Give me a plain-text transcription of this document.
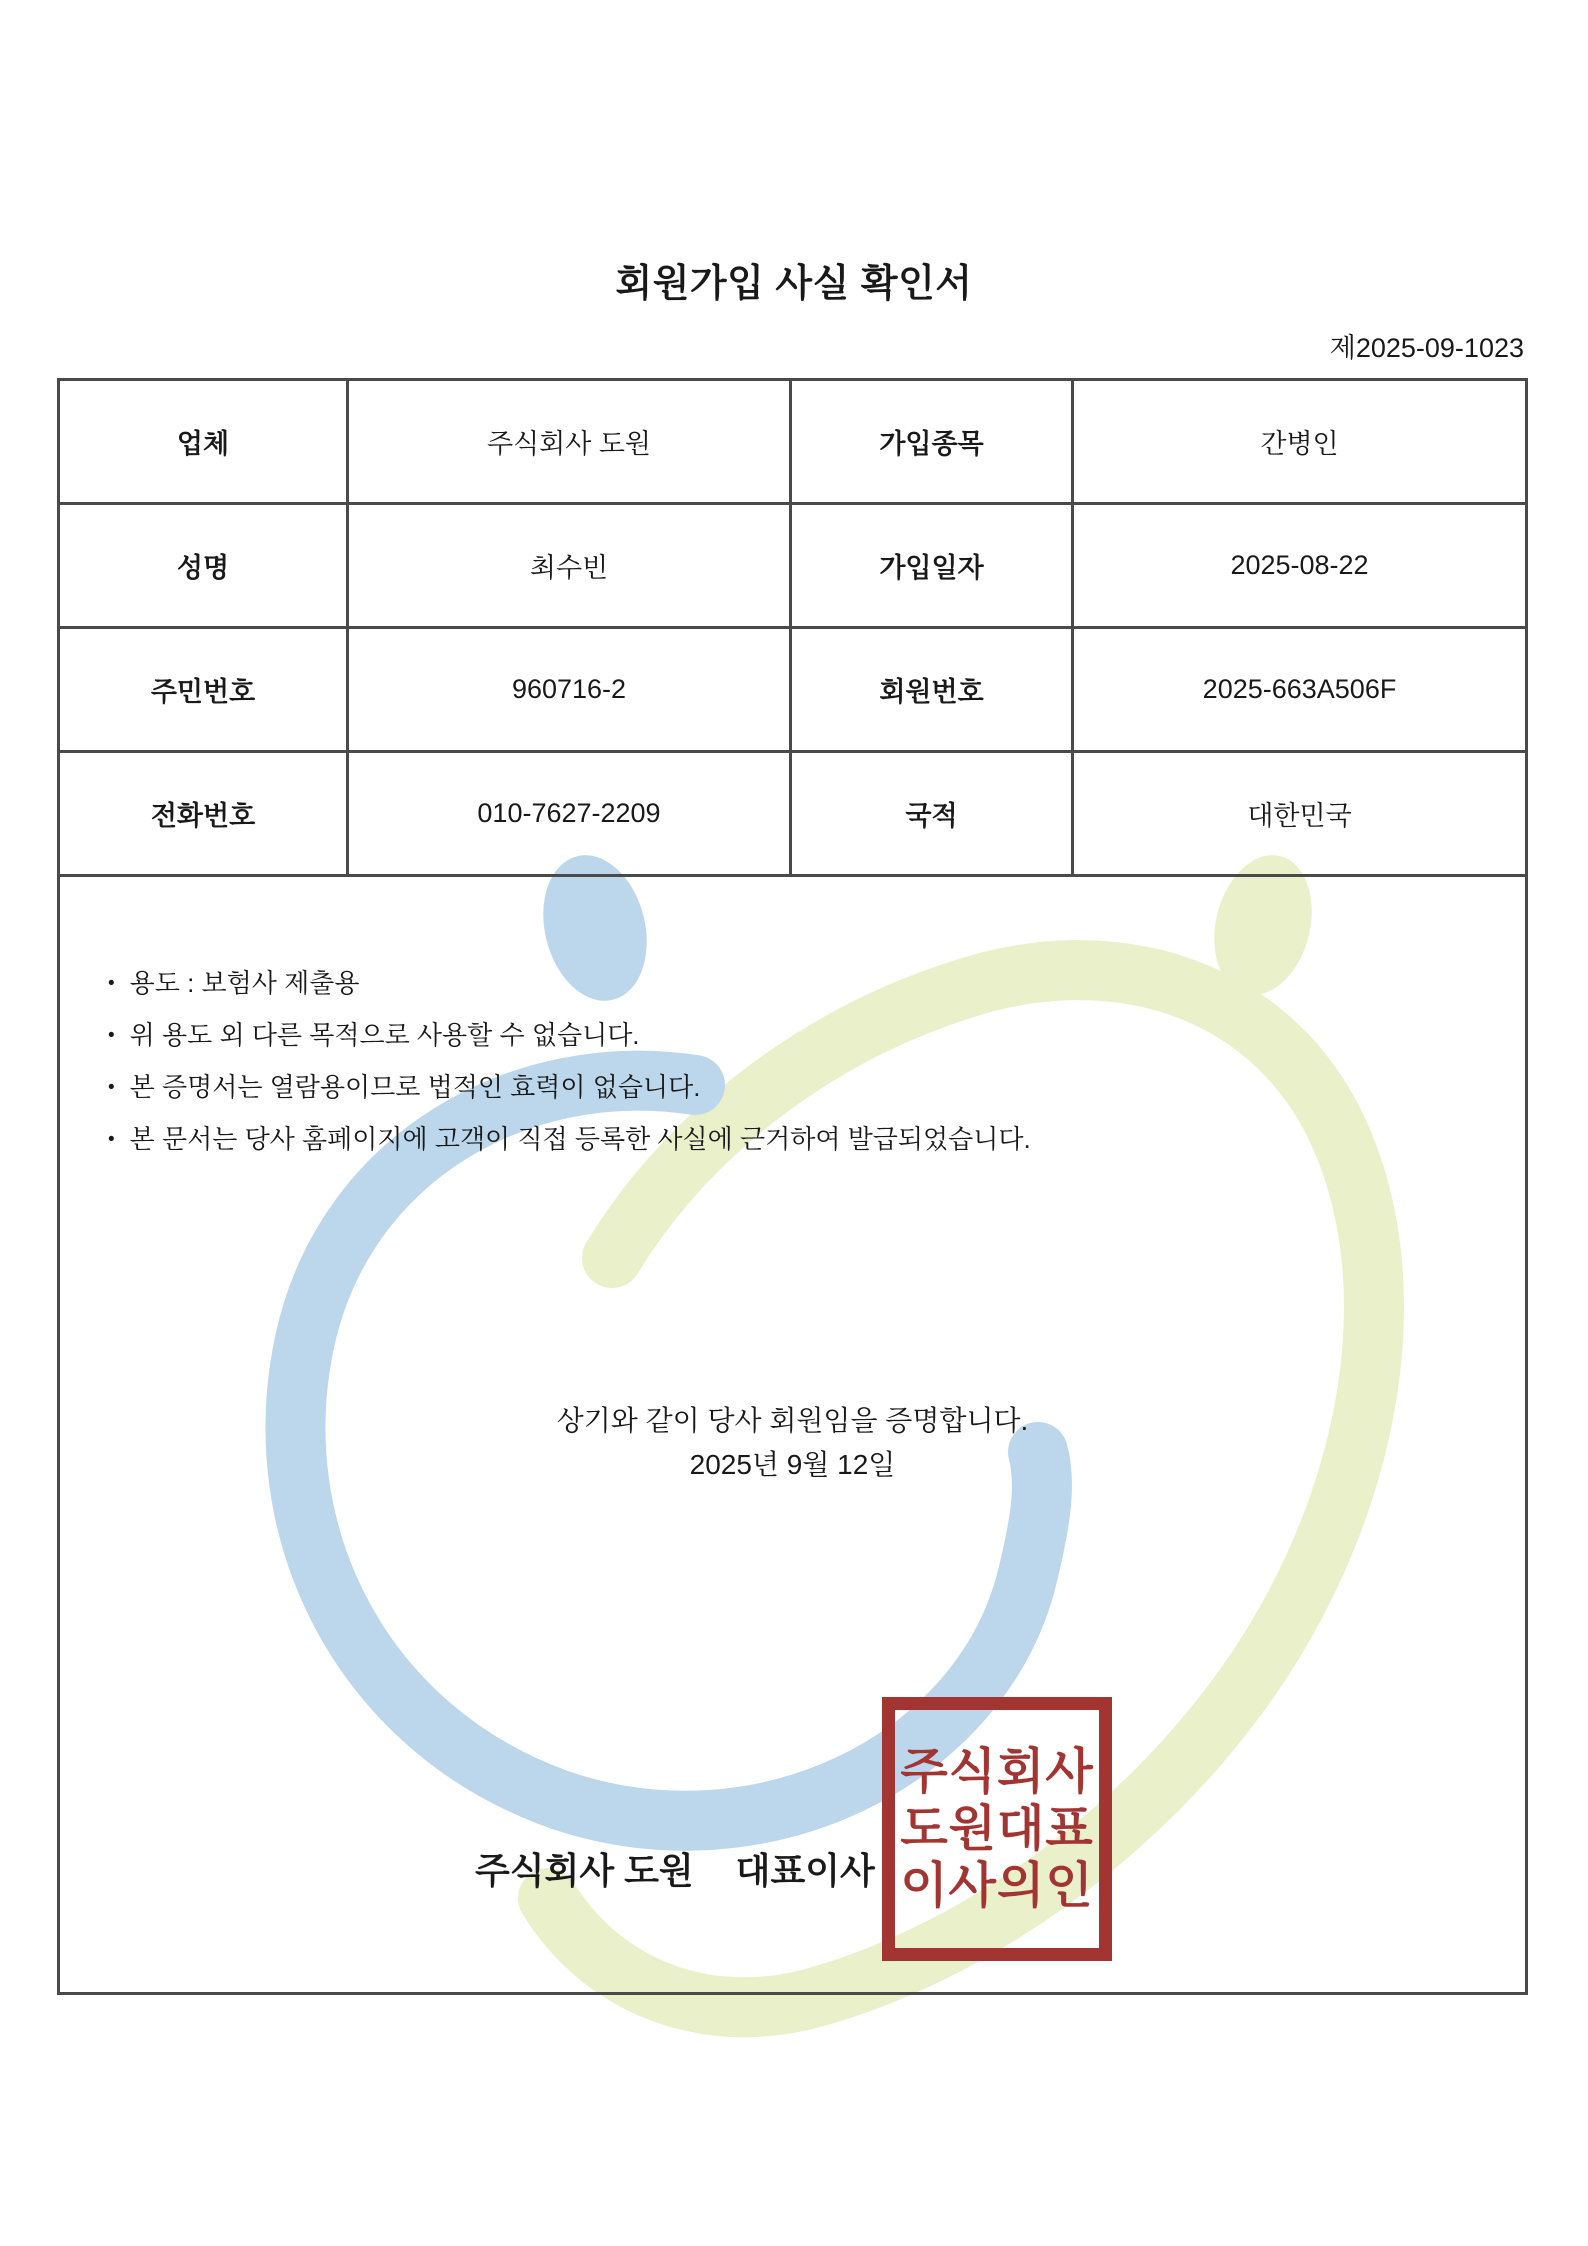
회원가입 사실 확인서
제2025-09-1023
업체	주식회사 도원	가입종목	간병인
성명	최수빈	가입일자	2025-08-22
주민번호	960716-2	회원번호	2025-663A506F
전화번호	010-7627-2209	국적	대한민국
• 용도 : 보험사 제출용
• 위 용도 외 다른 목적으로 사용할 수 없습니다.
• 본 증명서는 열람용이므로 법적인 효력이 없습니다.
• 본 문서는 당사 홈페이지에 고객이 직접 등록한 사실에 근거하여 발급되었습니다.
상기와 같이 당사 회원임을 증명합니다.
2025년 9월 12일
주식회사 도원 대표이사
주식회사
도원대표
이사의인
